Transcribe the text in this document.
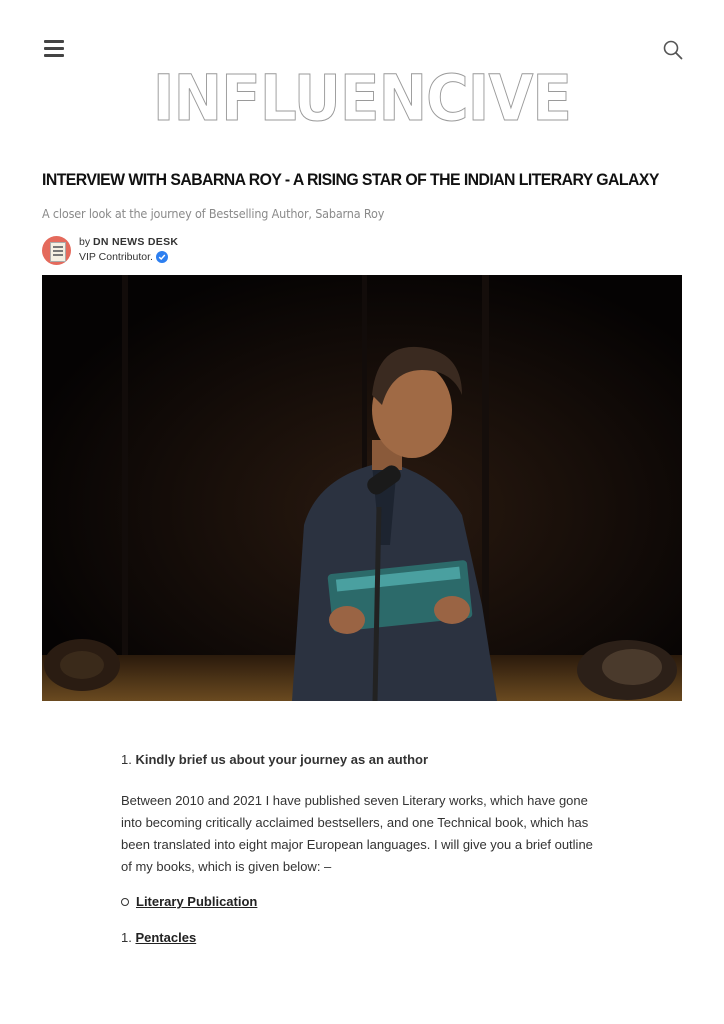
INFLUENCIVE
INTERVIEW WITH SABARNA ROY - A RISING STAR OF THE INDIAN LITERARY GALAXY
A closer look at the journey of Bestselling Author, Sabarna Roy
by DN NEWS DESK
VIP Contributor.
1. Kindly brief us about your journey as an author

Between 2010 and 2021 I have published seven Literary works, which have gone into becoming critically acclaimed bestsellers, and one Technical book, which has been translated into eight major European languages. I will give you a brief outline of my books, which is given below: –

Literary Publication
1. Pentacles
